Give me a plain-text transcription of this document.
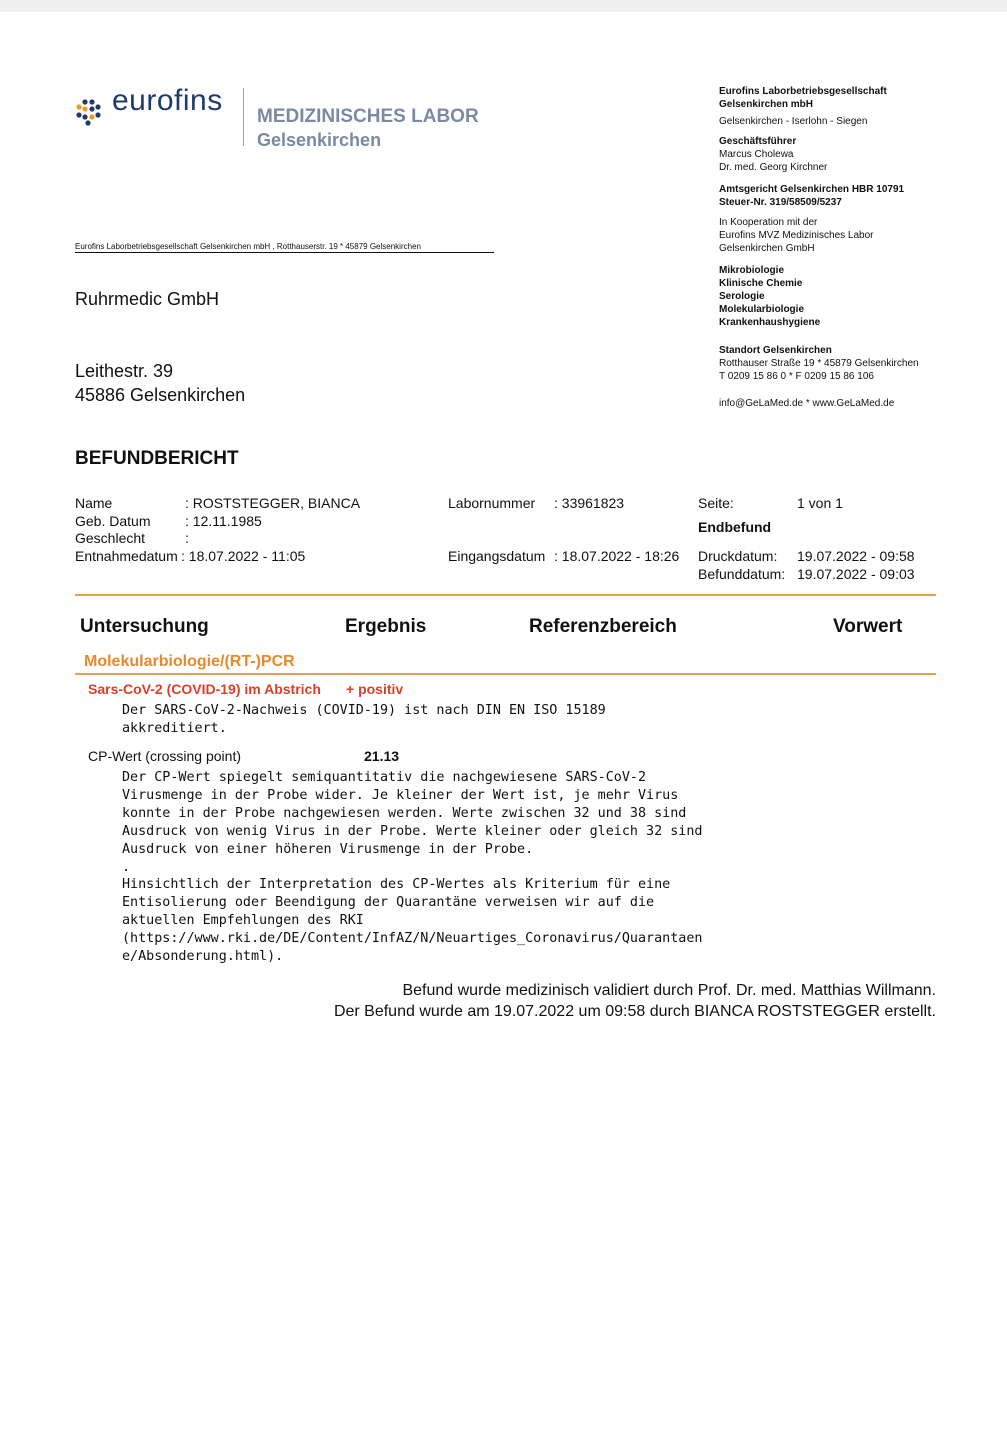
eurofins MEDIZINISCHES LABOR
Gelsenkirchen
Eurofins Laborbetriebsgesellschaft Gelsenkirchen mbH , Rotthauserstr. 19 * 45879 Gelsenkirchen
Eurofins Laborbetriebsgesellschaft
Gelsenkirchen mbH
Gelsenkirchen - Iserlohn - Siegen
Geschäftsführer
Marcus Cholewa
Dr. med. Georg Kirchner
Amtsgericht Gelsenkirchen HBR 10791
Steuer-Nr. 319/58509/5237
In Kooperation mit der
Eurofins MVZ Medizinisches Labor
Gelsenkirchen GmbH
Mikrobiologie
Klinische Chemie
Serologie
Molekularbiologie
Krankenhaushygiene
Standort Gelsenkirchen
Rotthauser Straße 19 * 45879 Gelsenkirchen
T 0209 15 86 0 * F 0209 15 86 106
info@GeLaMed.de * www.GeLaMed.de
Ruhrmedic GmbH
Leithestr. 39
45886 Gelsenkirchen
BEFUNDBERICHT
Name	: ROSTSTEGGER, BIANCA
Geb. Datum : 12.11.1985
Geschlecht	:
Entnahmedatum : 18.07.2022 - 11:05
Labornummer : 33961823
Eingangsdatum : 18.07.2022 - 18:26
Seite:	1 von 1
Endbefund
Druckdatum: 19.07.2022 - 09:58
Befunddatum: 19.07.2022 - 09:03
Untersuchung	Ergebnis	Referenzbereich	Vorwert
Molekularbiologie/(RT-)PCR
Sars-CoV-2 (COVID-19) im Abstrich + positiv
Der SARS-CoV-2-Nachweis (COVID-19) ist nach DIN EN ISO 15189
akkreditiert.
CP-Wert (crossing point)	21.13
Der CP-Wert spiegelt semiquantitativ die nachgewiesene SARS-CoV-2
Virusmenge in der Probe wider. Je kleiner der Wert ist, je mehr Virus
konnte in der Probe nachgewiesen werden. Werte zwischen 32 und 38 sind
Ausdruck von wenig Virus in der Probe. Werte kleiner oder gleich 32 sind
Ausdruck von einer höheren Virusmenge in der Probe.
.
Hinsichtlich der Interpretation des CP-Wertes als Kriterium für eine
Entisolierung oder Beendigung der Quarantäne verweisen wir auf die
aktuellen Empfehlungen des RKI
(https://www.rki.de/DE/Content/InfAZ/N/Neuartiges_Coronavirus/Quarantaen
e/Absonderung.html).
Befund wurde medizinisch validiert durch Prof. Dr. med. Matthias Willmann.
Der Befund wurde am 19.07.2022 um 09:58 durch BIANCA ROSTSTEGGER erstellt.
